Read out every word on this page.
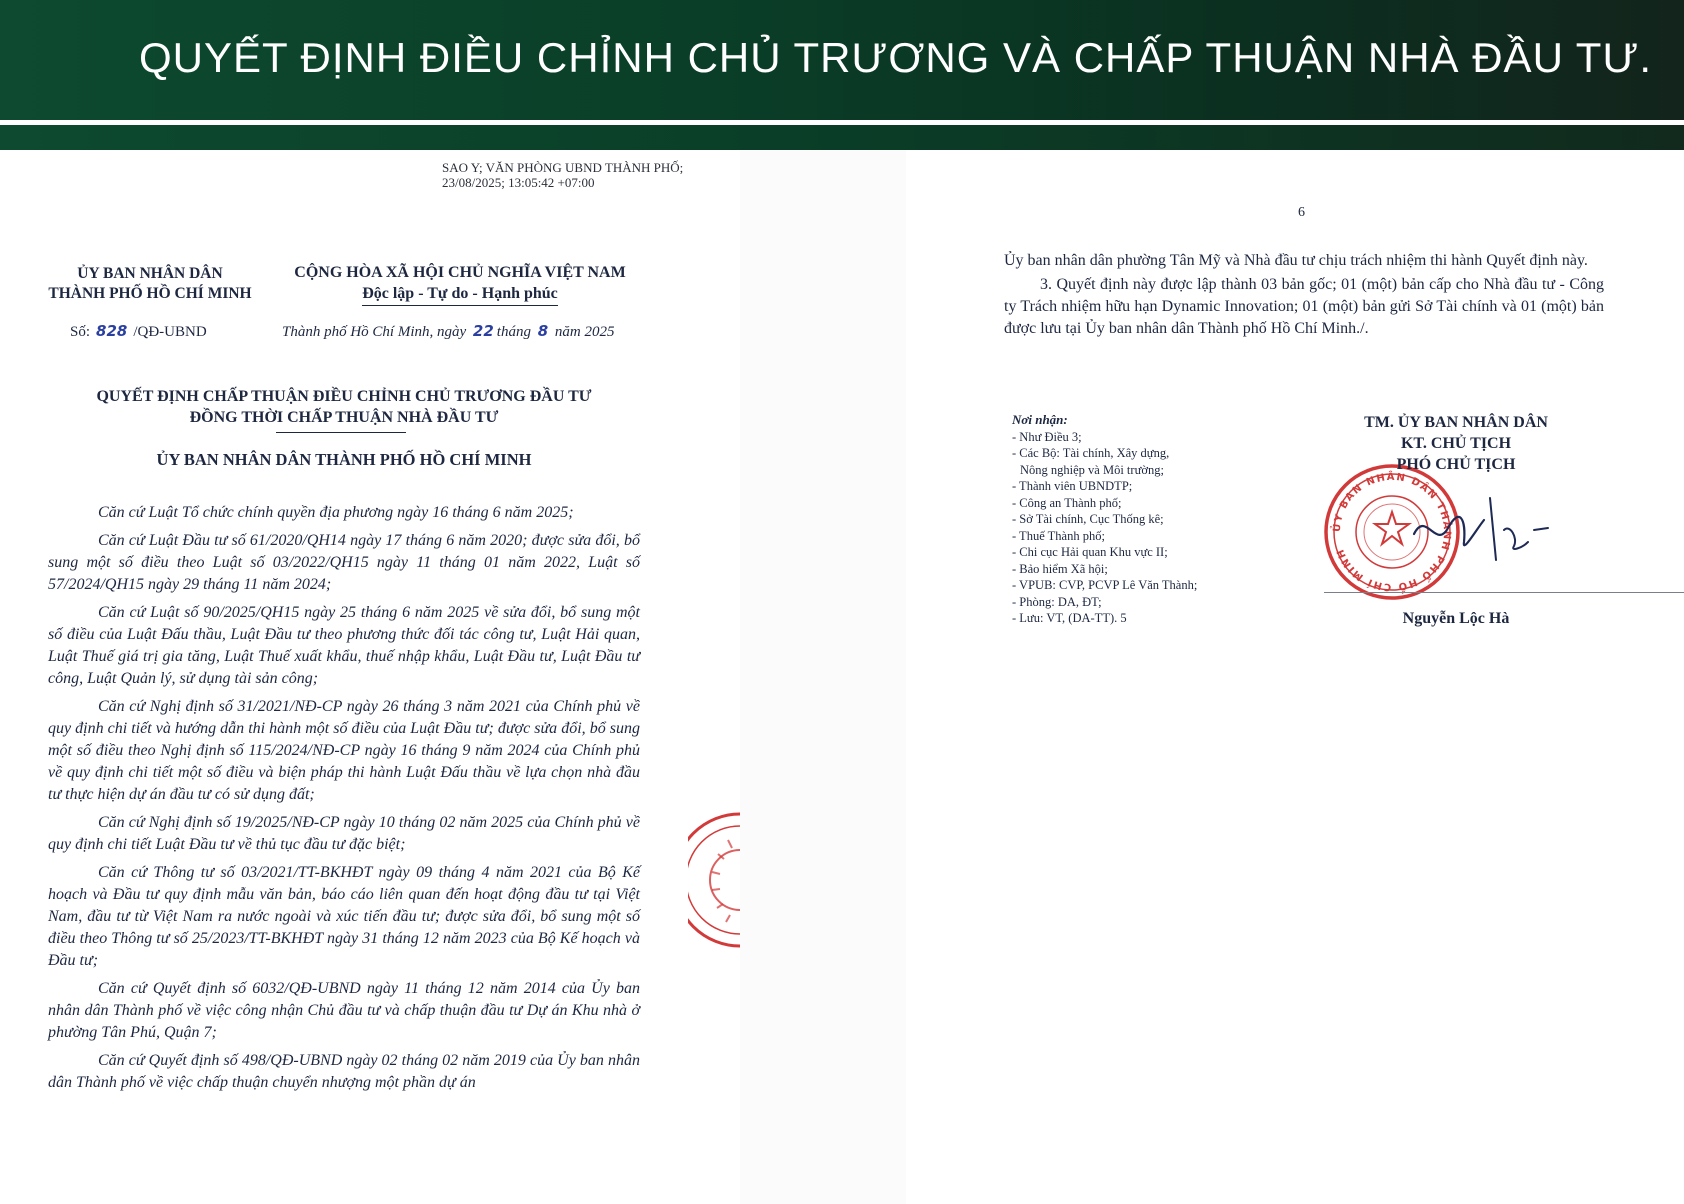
QUYẾT ĐỊNH ĐIỀU CHỈNH CHỦ TRƯƠNG VÀ CHẤP THUẬN NHÀ ĐẦU TƯ.
SAO Y; VĂN PHÒNG UBND THÀNH PHỐ;
23/08/2025; 13:05:42 +07:00
ỦY BAN NHÂN DÂN
THÀNH PHỐ HỒ CHÍ MINH
CỘNG HÒA XÃ HỘI CHỦ NGHĨA VIỆT NAM
Độc lập - Tự do - Hạnh phúc
Số: 828 /QĐ-UBND	Thành phố Hồ Chí Minh, ngày 22 tháng 8 năm 2025
QUYẾT ĐỊNH CHẤP THUẬN ĐIỀU CHỈNH CHỦ TRƯƠNG ĐẦU TƯ
ĐỒNG THỜI CHẤP THUẬN NHÀ ĐẦU TƯ
ỦY BAN NHÂN DÂN THÀNH PHỐ HỒ CHÍ MINH

Căn cứ Luật Tổ chức chính quyền địa phương ngày 16 tháng 6 năm 2025;

Căn cứ Luật Đầu tư số 61/2020/QH14 ngày 17 tháng 6 năm 2020; được sửa đổi, bổ sung một số điều theo Luật số 03/2022/QH15 ngày 11 tháng 01 năm 2022, Luật số 57/2024/QH15 ngày 29 tháng 11 năm 2024;

Căn cứ Luật số 90/2025/QH15 ngày 25 tháng 6 năm 2025 về sửa đổi, bổ sung một số điều của Luật Đấu thầu, Luật Đầu tư theo phương thức đối tác công tư, Luật Hải quan, Luật Thuế giá trị gia tăng, Luật Thuế xuất khẩu, thuế nhập khẩu, Luật Đầu tư, Luật Đầu tư công, Luật Quản lý, sử dụng tài sản công;

Căn cứ Nghị định số 31/2021/NĐ-CP ngày 26 tháng 3 năm 2021 của Chính phủ về quy định chi tiết và hướng dẫn thi hành một số điều của Luật Đầu tư; được sửa đổi, bổ sung một số điều theo Nghị định số 115/2024/NĐ-CP ngày 16 tháng 9 năm 2024 của Chính phủ về quy định chi tiết một số điều và biện pháp thi hành Luật Đấu thầu về lựa chọn nhà đầu tư thực hiện dự án đầu tư có sử dụng đất;

Căn cứ Nghị định số 19/2025/NĐ-CP ngày 10 tháng 02 năm 2025 của Chính phủ về quy định chi tiết Luật Đầu tư về thủ tục đầu tư đặc biệt;

Căn cứ Thông tư số 03/2021/TT-BKHĐT ngày 09 tháng 4 năm 2021 của Bộ Kế hoạch và Đầu tư quy định mẫu văn bản, báo cáo liên quan đến hoạt động đầu tư tại Việt Nam, đầu tư từ Việt Nam ra nước ngoài và xúc tiến đầu tư; được sửa đổi, bổ sung một số điều theo Thông tư số 25/2023/TT-BKHĐT ngày 31 tháng 12 năm 2023 của Bộ Kế hoạch và Đầu tư;

Căn cứ Quyết định số 6032/QĐ-UBND ngày 11 tháng 12 năm 2014 của Ủy ban nhân dân Thành phố về việc công nhận Chủ đầu tư và chấp thuận đầu tư Dự án Khu nhà ở phường Tân Phú, Quận 7;

Căn cứ Quyết định số 498/QĐ-UBND ngày 02 tháng 02 năm 2019 của Ủy ban nhân dân Thành phố về việc chấp thuận chuyển nhượng một phần dự án

6

Ủy ban nhân dân phường Tân Mỹ và Nhà đầu tư chịu trách nhiệm thi hành Quyết định này.

3. Quyết định này được lập thành 03 bản gốc; 01 (một) bản cấp cho Nhà đầu tư - Công ty Trách nhiệm hữu hạn Dynamic Innovation; 01 (một) bản gửi Sở Tài chính và 01 (một) bản được lưu tại Ủy ban nhân dân Thành phố Hồ Chí Minh./.

Nơi nhận:
- Như Điều 3;
- Các Bộ: Tài chính, Xây dựng,
Nông nghiệp và Môi trường;
- Thành viên UBNDTP;
- Công an Thành phố;
- Sở Tài chính, Cục Thống kê;
- Thuế Thành phố;
- Chi cục Hải quan Khu vực II;
- Bảo hiểm Xã hội;
- VPUB: CVP, PCVP Lê Văn Thành;
- Phòng: DA, ĐT;
- Lưu: VT, (DA-TT). 5
ỦY BAN NHÂN DÂN THÀNH PHỐ HỒ CHÍ MINH
TM. ỦY BAN NHÂN DÂN
KT. CHỦ TỊCH
PHÓ CHỦ TỊCH
Nguyễn Lộc Hà
